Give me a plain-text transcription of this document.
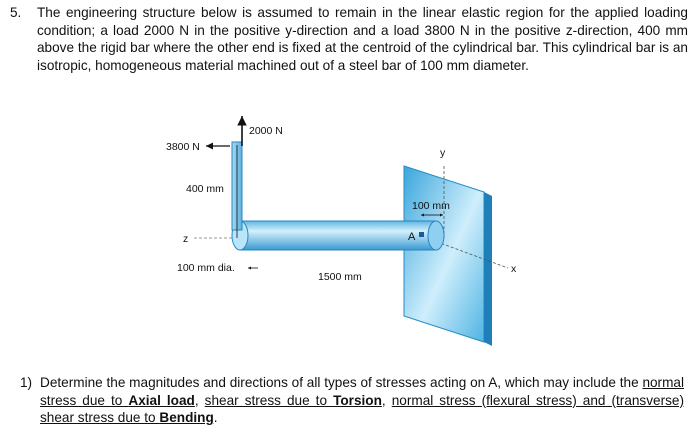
5. The engineering structure below is assumed to remain in the linear elastic region for the applied loading condition; a load 2000 N in the positive y-direction and a load 3800 N in the positive z-direction, 400 mm above the rigid bar where the other end is fixed at the centroid of the cylindrical bar. This cylindrical bar is an isotropic, homogeneous material machined out of a steel bar of 100 mm diameter.
2000 N
3800 N
400 mm
z
100 mm dia.
1500 mm
y
x
100 mm
A
1) Determine the magnitudes and directions of all types of stresses acting on A, which may include the normal stress due to Axial load, shear stress due to Torsion, normal stress (flexural stress) and (transverse) shear stress due to Bending.
